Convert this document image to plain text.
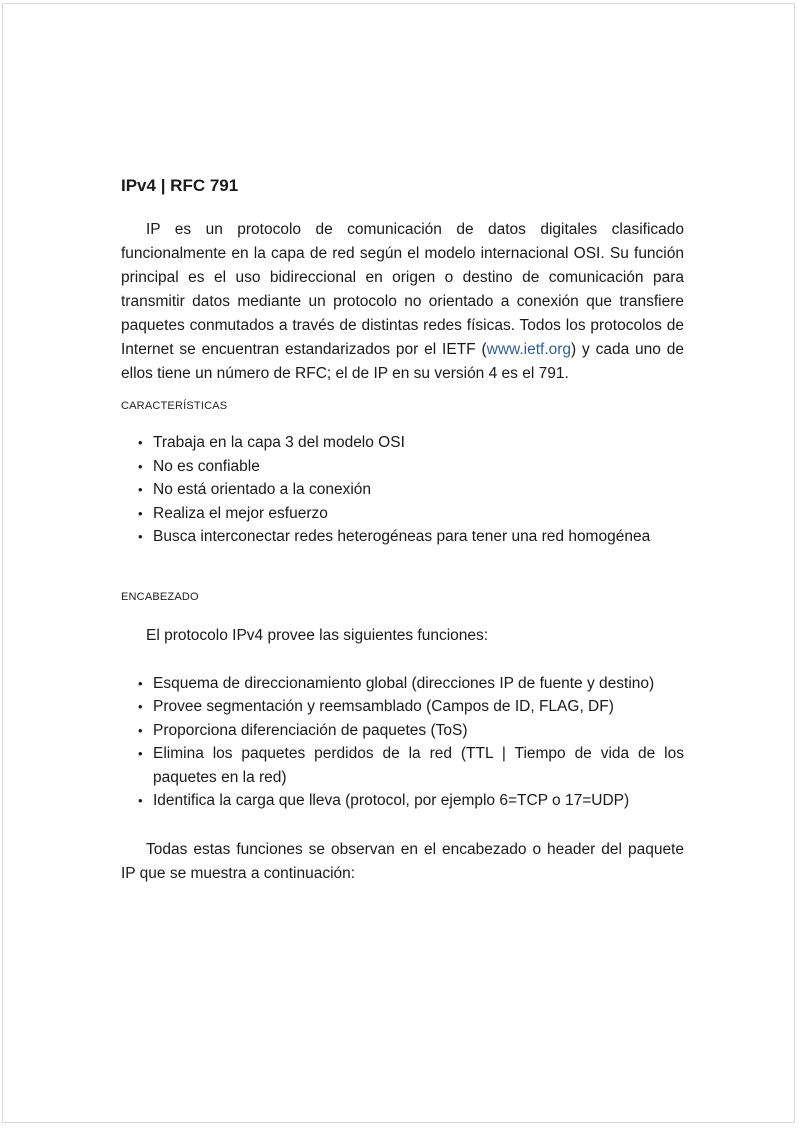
IPv4 | RFC 791

IP es un protocolo de comunicación de datos digitales clasificado funcionalmente en la capa de red según el modelo internacional OSI. Su función principal es el uso bidireccional en origen o destino de comunicación para transmitir datos mediante un protocolo no orientado a conexión que transfiere paquetes conmutados a través de distintas redes físicas. Todos los protocolos de Internet se encuentran estandarizados por el IETF (www.ietf.org) y cada uno de ellos tiene un número de RFC; el de IP en su versión 4 es el 791.

CARACTERÍSTICAS
• Trabaja en la capa 3 del modelo OSI
• No es confiable
• No está orientado a la conexión
• Realiza el mejor esfuerzo
• Busca interconectar redes heterogéneas para tener una red homogénea
ENCABEZADO

El protocolo IPv4 provee las siguientes funciones:

• Esquema de direccionamiento global (direcciones IP de fuente y destino)
• Provee segmentación y reemsamblado (Campos de ID, FLAG, DF)
• Proporciona diferenciación de paquetes (ToS)
• Elimina los paquetes perdidos de la red (TTL | Tiempo de vida de los paquetes en la red)
• Identifica la carga que lleva (protocol, por ejemplo 6=TCP o 17=UDP)

Todas estas funciones se observan en el encabezado o header del paquete IP que se muestra a continuación:
